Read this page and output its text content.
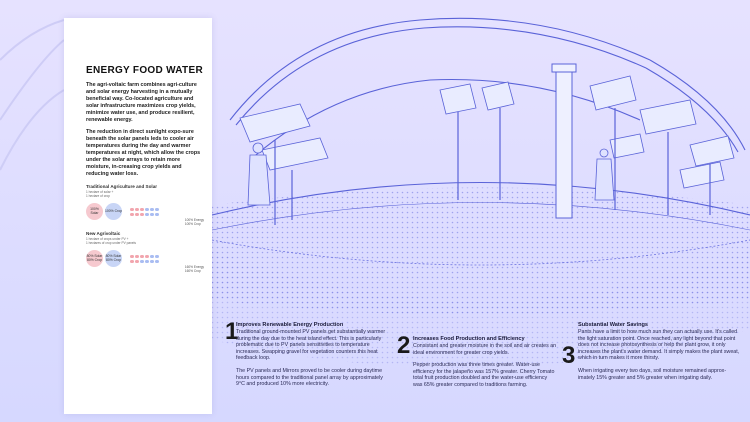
ENERGY FOOD WATER

The agri-voltaic farm combines agri-culture and solar energy harvesting in a mutually beneficial way. Co-located agriculture and solar infrastructure maximizes crop yields, minimize water use, and produce resilient, renewable energy.

The reduction in direct sunlight expo-sure beneath the solar panels leds to cooler air temperatures during the day and warmer temperatures at night, which allow the crops under the solar arrays to retain more moisture, in-creasing crop yields and reducing water loss.

Traditional Agriculture and Solar

1 hectare of solar +

1 hectare of crop

100% Solar	100% Crop
100% Energy
100% Crop

New Agrivoltaic

1 hectare of crops under PV +

1 hectares of crop under PV panels

80% Solar 80% Crop
80% Solar 80% Crop
160% Energy
160% Crop
1

Improves Renewable Energy Production

Traditional ground-mounted PV panels get substantially warmer during the day due to the heat island effect. This is particularly problematic due to PV panels sensitivities to temperature increases. Swapping gravel for vegetation counters this heat feedback loop.

The PV panels and Mirrors proved to be cooler during daytime hours compared to the traditional panel array by approximately 9°C and produced 10% more electricity.

2 Increases Food Production and Efficiency

Consistant and greater moisture in the soil and air creates an ideal environment for greater crop yields.

Pepper production was three times greater. Water-use efficiency for the jalapeño was 157% greater. Cherry Tomato total fruit production doubled and the water-use efficiency was 65% greater compared to traditions farming.

3

Substantial Water Savings

Pants have a limit to how much sun they can actually use. It's called the light saturation point. Once reached, any light beyond that point does not increase photosynthesis or help the plant grow, it only increases the plant's water demand. It simply makes the plant sweat, which in turn makes it more thirsty.

When irrigating every two days, soil moisture remained approx-imately 15% greater and 5% greater when irrigating daily.
